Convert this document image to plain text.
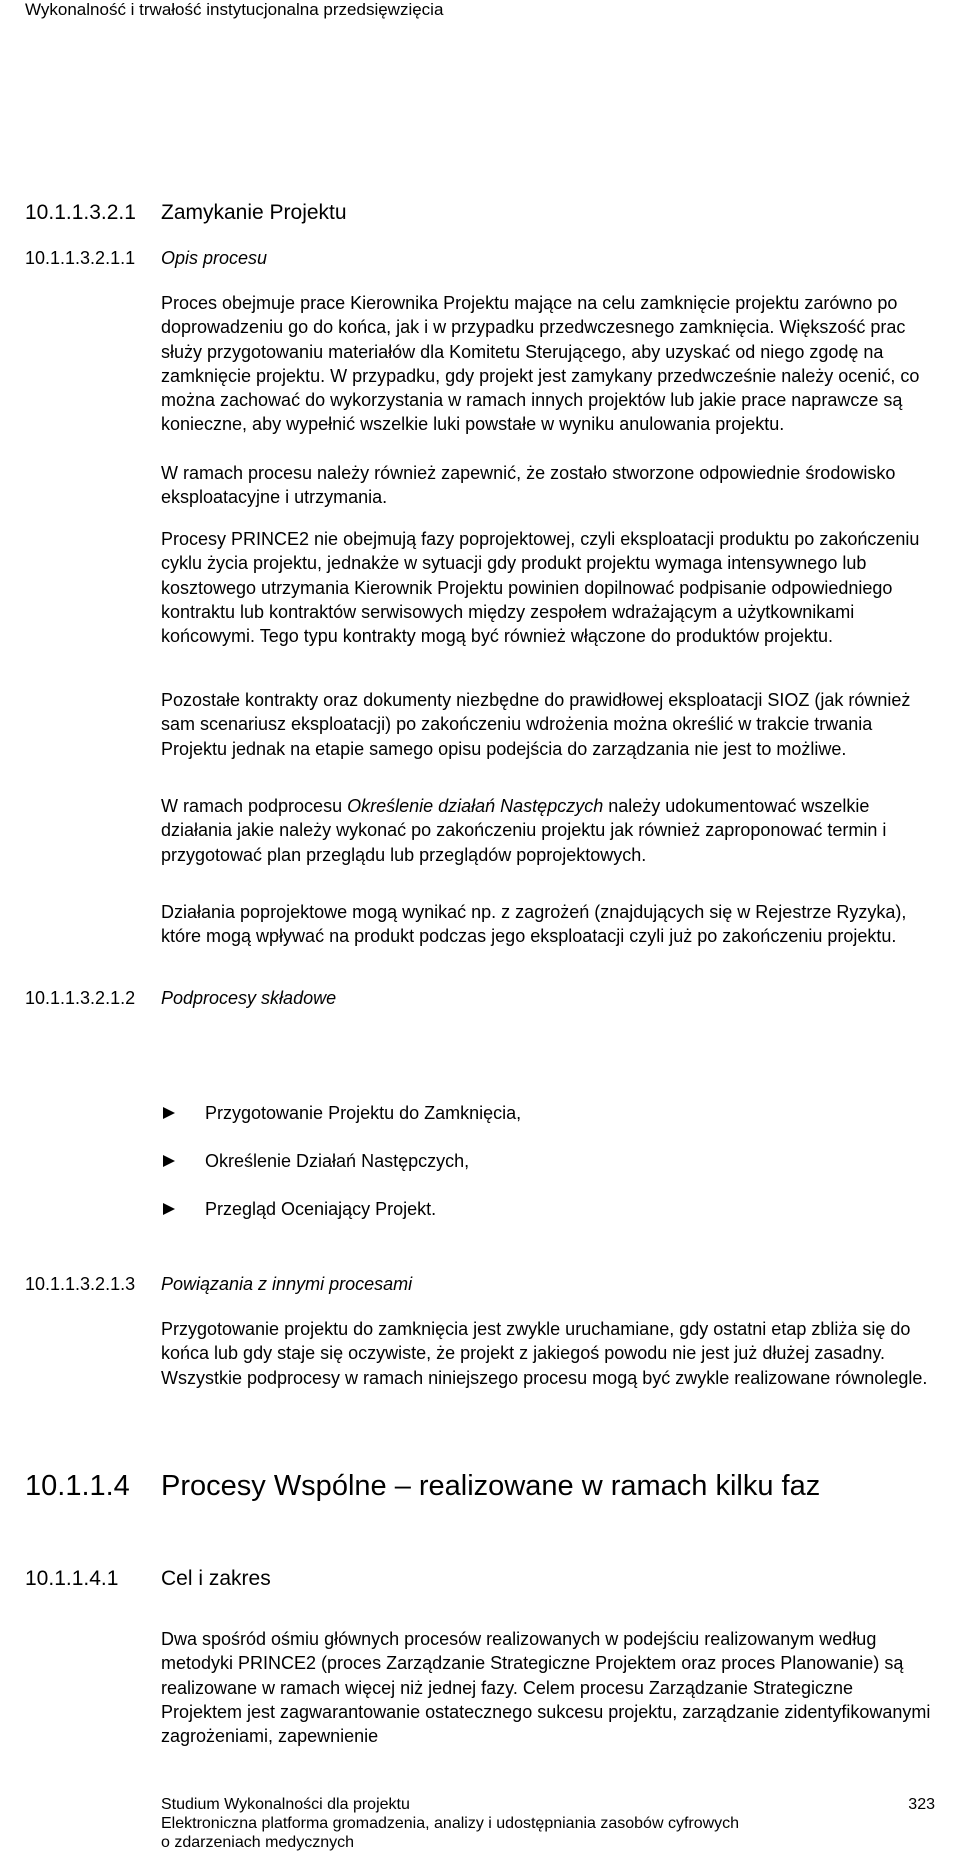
Wykonalność i trwałość instytucjonalna przedsięwzięcia
10.1.1.3.2.1 Zamykanie Projektu
10.1.1.3.2.1.1 Opis procesu

Proces obejmuje prace Kierownika Projektu mające na celu zamknięcie projektu zarówno po doprowadzeniu go do końca, jak i w przypadku przedwczesnego zamknięcia. Większość prac służy przygotowaniu materiałów dla Komitetu Sterującego, aby uzyskać od niego zgodę na zamknięcie projektu. W przypadku, gdy projekt jest zamykany przedwcześnie należy ocenić, co można zachować do wykorzystania w ramach innych projektów lub jakie prace naprawcze są konieczne, aby wypełnić wszelkie luki powstałe w wyniku anulowania projektu.

W ramach procesu należy również zapewnić, że zostało stworzone odpowiednie środowisko eksploatacyjne i utrzymania.

Procesy PRINCE2 nie obejmują fazy poprojektowej, czyli eksploatacji produktu po zakończeniu cyklu życia projektu, jednakże w sytuacji gdy produkt projektu wymaga intensywnego lub kosztowego utrzymania Kierownik Projektu powinien dopilnować podpisanie odpowiedniego kontraktu lub kontraktów serwisowych między zespołem wdrażającym a użytkownikami końcowymi. Tego typu kontrakty mogą być również włączone do produktów projektu.

Pozostałe kontrakty oraz dokumenty niezbędne do prawidłowej eksploatacji SIOZ (jak również sam scenariusz eksploatacji) po zakończeniu wdrożenia można określić w trakcie trwania Projektu jednak na etapie samego opisu podejścia do zarządzania nie jest to możliwe.

W ramach podprocesu Określenie działań Następczych należy udokumentować wszelkie działania jakie należy wykonać po zakończeniu projektu jak również zaproponować termin i przygotować plan przeglądu lub przeglądów poprojektowych.

Działania poprojektowe mogą wynikać np. z zagrożeń (znajdujących się w Rejestrze Ryzyka), które mogą wpływać na produkt podczas jego eksploatacji czyli już po zakończeniu projektu.

10.1.1.3.2.1.2 Podprocesy składowe
Przygotowanie Projektu do Zamknięcia,
Określenie Działań Następczych,
Przegląd Oceniający Projekt.
10.1.1.3.2.1.3 Powiązania z innymi procesami

Przygotowanie projektu do zamknięcia jest zwykle uruchamiane, gdy ostatni etap zbliża się do końca lub gdy staje się oczywiste, że projekt z jakiegoś powodu nie jest już dłużej zasadny. Wszystkie podprocesy w ramach niniejszego procesu mogą być zwykle realizowane równolegle.

10.1.1.4 Procesy Wspólne – realizowane w ramach kilku faz
10.1.1.4.1 Cel i zakres

Dwa spośród ośmiu głównych procesów realizowanych w podejściu realizowanym według metodyki PRINCE2 (proces Zarządzanie Strategiczne Projektem oraz proces Planowanie) są realizowane w ramach więcej niż jednej fazy. Celem procesu Zarządzanie Strategiczne Projektem jest zagwarantowanie ostatecznego sukcesu projektu, zarządzanie zidentyfikowanymi zagrożeniami, zapewnienie

Studium Wykonalności dla projektu
Elektroniczna platforma gromadzenia, analizy i udostępniania zasobów cyfrowych
o zdarzeniach medycznych
323
